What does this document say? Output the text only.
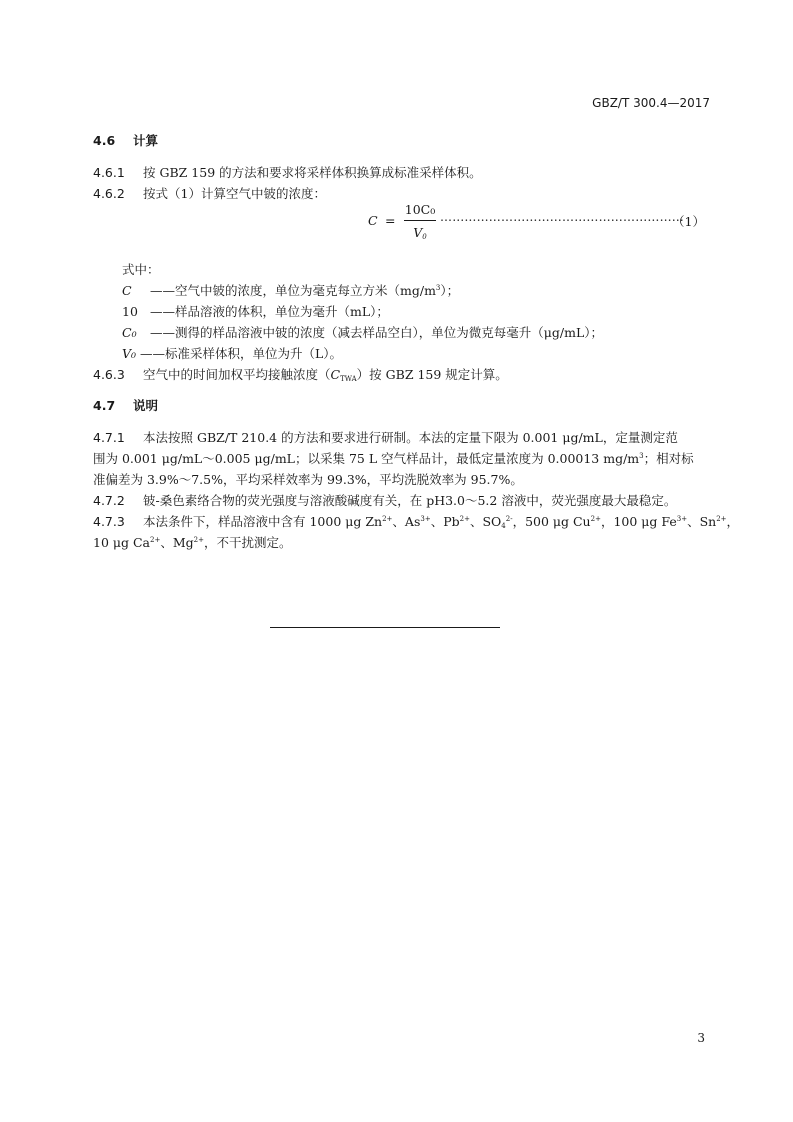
GBZ/T 300.4—2017
4.6 计算
4.6.1 按 GBZ 159 的方法和要求将采样体积换算成标准采样体积。
4.6.2 按式（1）计算空气中铍的浓度：
C =
10C₀
$V_0$
……………………………………………………
（1）
式中：
C ——空气中铍的浓度，单位为毫克每立方米$(mg/m^3)$；
10 ——样品溶液的体积，单位为毫升（mL）；
C₀ ——测得的样品溶液中铍的浓度（减去样品空白），单位为微克每毫升（μg/mL）；
V₀ ——标准采样体积，单位为升（L）。
4.6.3 空气中的时间加权平均接触浓度$(C_{TWA})$按 GBZ 159 规定计算。
4.7 说明
4.7.1 本法按照 GBZ/T 210.4 的方法和要求进行研制。本法的定量下限为 0.001 μg/mL，定量测定范
围为 0.001 μg/mL～0.005 μg/mL；以采集 75 L 空气样品计，最低定量浓度为 0.00013 $mg/m^3$；相对标
准偏差为 3.9%～7.5%，平均采样效率为 99.3%，平均洗脱效率为 95.7%。
4.7.2 铍-桑色素络合物的荧光强度与溶液酸碱度有关，在 pH3.0～5.2 溶液中，荧光强度最大最稳定。
4.7.3 本法条件下，样品溶液中含有 1000 μg $Zn^{2+}$、$As^{3+}$、$Pb^{2+}$、$SO_4^{2-}$，500 μg $Cu^{2+}$，100 μg $Fe^{3+}$、$Sn^{2+}$，
10 μg $Ca^{2+}$、$Mg^{2+}$，不干扰测定。
3
